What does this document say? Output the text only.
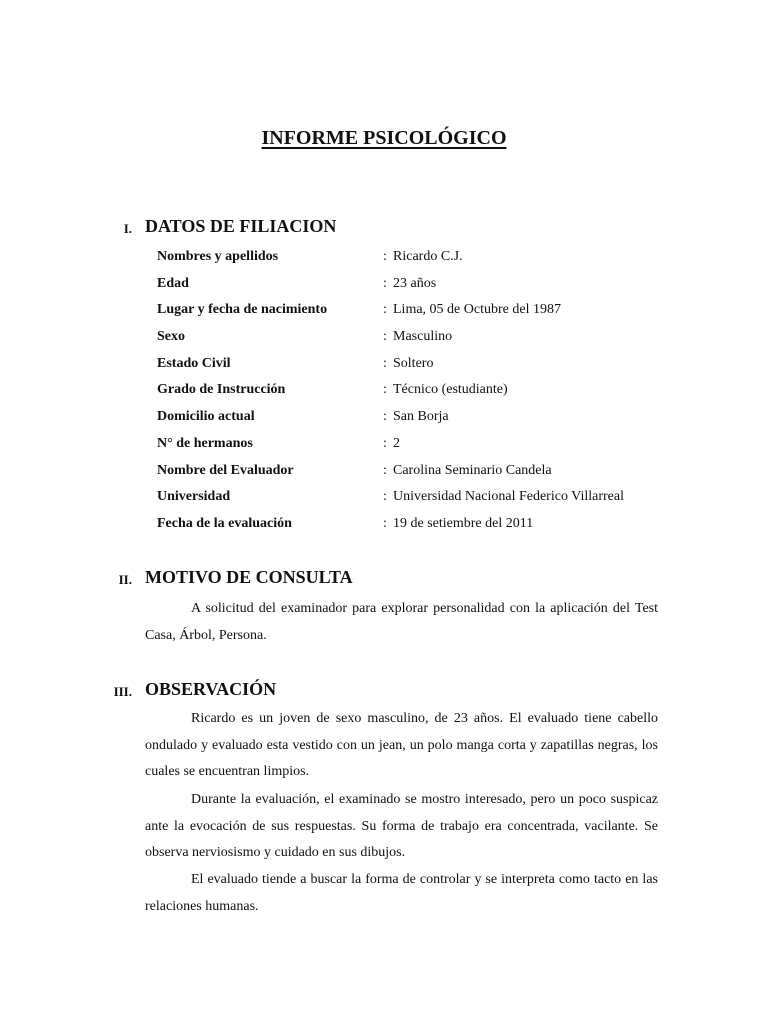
INFORME PSICOLÓGICO
I. DATOS DE FILIACION
Nombres y apellidos	: Ricardo C.J.
Edad	: 23 años
Lugar y fecha de nacimiento	: Lima, 05 de Octubre del 1987
Sexo	: Masculino
Estado Civil	: Soltero
Grado de Instrucción	: Técnico (estudiante)
Domicilio actual	: San Borja
N° de hermanos	: 2
Nombre del Evaluador	: Carolina Seminario Candela
Universidad	: Universidad Nacional Federico Villarreal
Fecha de la evaluación	: 19 de setiembre del 2011
II. MOTIVO DE CONSULTA

A solicitud del examinador para explorar personalidad con la aplicación del Test Casa, Árbol, Persona.

III. OBSERVACIÓN

Ricardo es un joven de sexo masculino, de 23 años. El evaluado tiene cabello ondulado y evaluado esta vestido con un jean, un polo manga corta y zapatillas negras, los cuales se encuentran limpios.

Durante la evaluación, el examinado se mostro interesado, pero un poco suspicaz ante la evocación de sus respuestas. Su forma de trabajo era concentrada, vacilante. Se observa nerviosismo y cuidado en sus dibujos.

El evaluado tiende a buscar la forma de controlar y se interpreta como tacto en las relaciones humanas.
